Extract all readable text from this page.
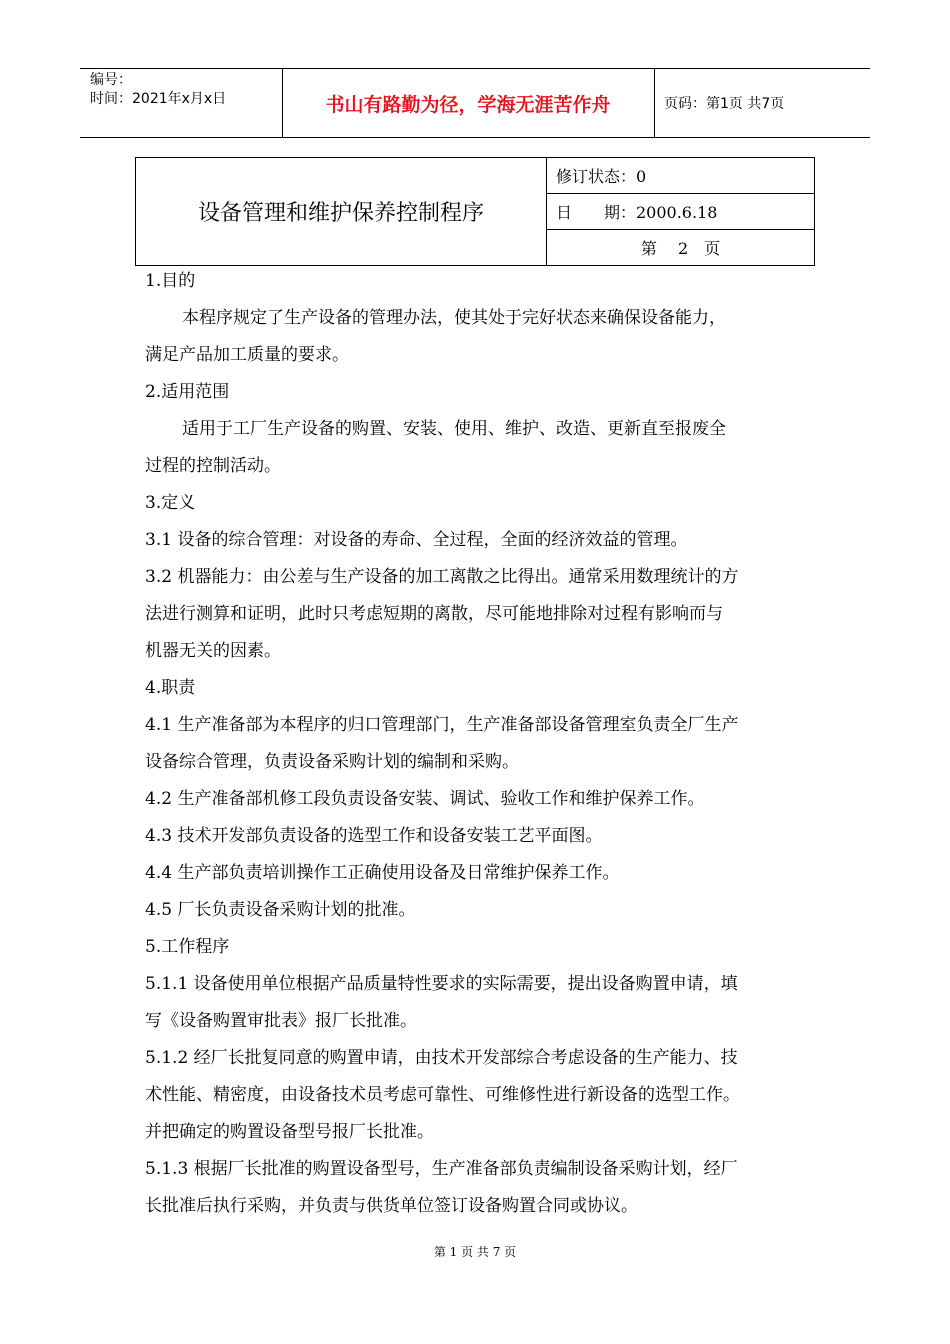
编号：
时间：2021年x月x日	书山有路勤为径，学海无涯苦作舟	页码：第1页 共7页
设备管理和维护保养控制程序
修订状态：0
日　　期：2000.6.18
第　 2　页

1.目的

本程序规定了生产设备的管理办法，使其处于完好状态来确保设备能力，

满足产品加工质量的要求。

2.适用范围

适用于工厂生产设备的购置、安装、使用、维护、改造、更新直至报废全

过程的控制活动。

3.定义

3.1 设备的综合管理：对设备的寿命、全过程，全面的经济效益的管理。

3.2 机器能力：由公差与生产设备的加工离散之比得出。通常采用数理统计的方

法进行测算和证明，此时只考虑短期的离散，尽可能地排除对过程有影响而与

机器无关的因素。

4.职责

4.1 生产准备部为本程序的归口管理部门，生产准备部设备管理室负责全厂生产

设备综合管理，负责设备采购计划的编制和采购。

4.2 生产准备部机修工段负责设备安装、调试、验收工作和维护保养工作。

4.3 技术开发部负责设备的选型工作和设备安装工艺平面图。

4.4 生产部负责培训操作工正确使用设备及日常维护保养工作。

4.5 厂长负责设备采购计划的批准。

5.工作程序

5.1.1 设备使用单位根据产品质量特性要求的实际需要，提出设备购置申请，填

写《设备购置审批表》报厂长批准。

5.1.2 经厂长批复同意的购置申请，由技术开发部综合考虑设备的生产能力、技

术性能、精密度，由设备技术员考虑可靠性、可维修性进行新设备的选型工作。

并把确定的购置设备型号报厂长批准。

5.1.3 根据厂长批准的购置设备型号，生产准备部负责编制设备采购计划，经厂

长批准后执行采购，并负责与供货单位签订设备购置合同或协议。

第 1 页 共 7 页
